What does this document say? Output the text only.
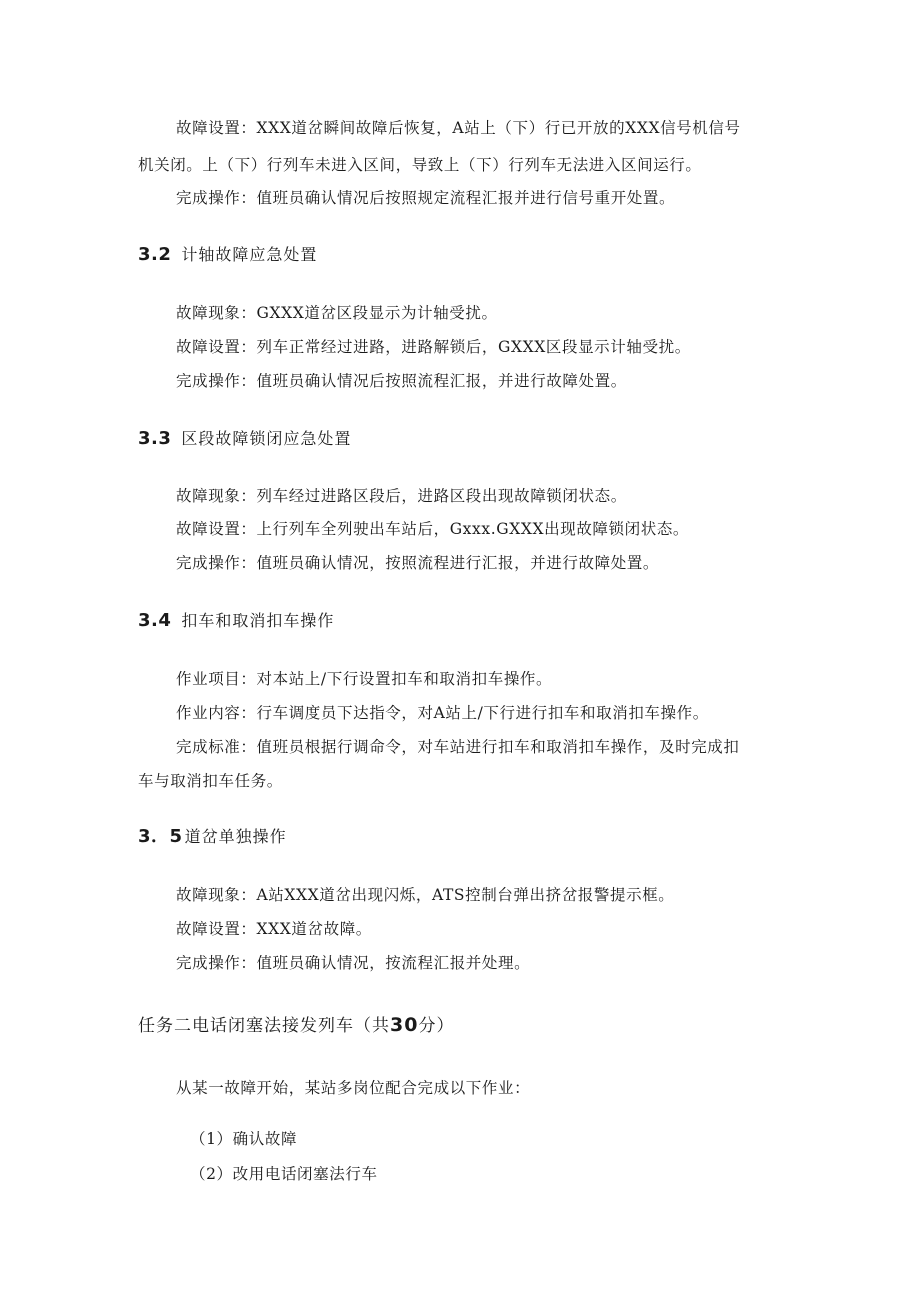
故障设置：XXX道岔瞬间故障后恢复，A站上（下）行已开放的XXX信号机信号
机关闭。上（下）行列车未进入区间，导致上（下）行列车无法进入区间运行。
完成操作：值班员确认情况后按照规定流程汇报并进行信号重开处置。
3.2 计轴故障应急处置
故障现象：GXXX道岔区段显示为计轴受扰。
故障设置：列车正常经过进路，进路解锁后，GXXX区段显示计轴受扰。
完成操作：值班员确认情况后按照流程汇报，并进行故障处置。
3.3 区段故障锁闭应急处置
故障现象：列车经过进路区段后，进路区段出现故障锁闭状态。
故障设置：上行列车全列驶出车站后，Gxxx.GXXX出现故障锁闭状态。
完成操作：值班员确认情况，按照流程进行汇报，并进行故障处置。
3.4 扣车和取消扣车操作
作业项目：对本站上/下行设置扣车和取消扣车操作。
作业内容：行车调度员下达指令，对A站上/下行进行扣车和取消扣车操作。
完成标准：值班员根据行调命令，对车站进行扣车和取消扣车操作，及时完成扣
车与取消扣车任务。
3．5 道岔单独操作
故障现象：A站XXX道岔出现闪烁，ATS控制台弹出挤岔报警提示框。
故障设置：XXX道岔故障。
完成操作：值班员确认情况，按流程汇报并处理。
任务二电话闭塞法接发列车（共30分）
从某一故障开始，某站多岗位配合完成以下作业：
（1）确认故障
（2）改用电话闭塞法行车
